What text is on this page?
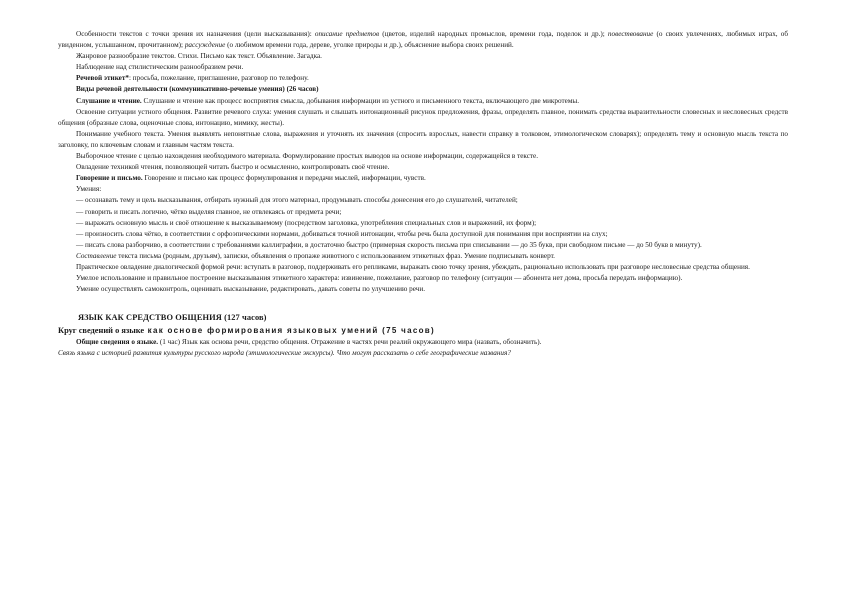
Особенности текстов с точки зрения их назначения (цели высказывания): описание предметов (цветов, изделий народных промыслов, времени года, поделок и др.); повествование (о своих увлечениях, любимых играх, об увиденном, услышанном, прочитанном); рассуждение (о любимом времени года, дереве, уголке природы и др.), объяснение выбора своих решений.

Жанровое разнообразие текстов. Стихи. Письмо как текст. Объявление. Загадка.

Наблюдение над стилистическим разнообразием речи.

Речевой этикет*: просьба, пожелание, приглашение, разговор по телефону.

Виды речевой деятельности (коммуникативно-речевые умения) (26 часов)

Слушание и чтение. Слушание и чтение как процесс восприятия смысла, добывания информации из устного и письменного текста, включающего две микротемы.

Освоение ситуации устного общения. Развитие речевого слуха: умения слушать и слышать интонационный рисунок предложения, фразы, определять главное, понимать средства выразительности словесных и несловесных средств общения (образные слова, оценочные слова, интонацию, мимику, жесты).

Понимание учебного текста. Умения выявлять непонятные слова, выражения и уточнять их значения (спросить взрослых, навести справку в толковом, этимологическом словарях); определять тему и основную мысль текста по заголовку, по ключевым словам и главным частям текста.

Выборочное чтение с целью нахождения необходимого материала. Формулирование простых выводов на основе информации, содержащейся в тексте.

Овладение техникой чтения, позволяющей читать быстро и осмысленно, контролировать своё чтение.

Говорение и письмо. Говорение и письмо как процесс формулирования и передачи мыслей, информации, чувств.

Умения:

— осознавать тему и цель высказывания, отбирать нужный для этого материал, продумывать способы донесения его до слушателей, читателей;

— говорить и писать логично, чётко выделяя главное, не отвлекаясь от предмета речи;

— выражать основную мысль и своё отношение к высказываемому (посредством заголовка, употребления специальных слов и выражений, их форм);

— произносить слова чётко, в соответствии с орфоэпическими нормами, добиваться точной интонации, чтобы речь была доступной для понимания при восприятии на слух;

— писать слова разборчиво, в соответствии с требованиями каллиграфии, в достаточно быстро (примерная скорость письма при списывании — до 35 букв, при свободном письме — до 50 букв в минуту).

Составление текста письма (родным, друзьям), записки, объявления о пропаже животного с использованием этикетных фраз. Умение подписывать конверт.

Практическое овладение диалогической формой речи: вступать в разговор, поддерживать его репликами, выражать свою точку зрения, убеждать, рационально использовать при разговоре несловесные средства общения.

Умелое использование и правильное построение высказывания этикетного характера: извинение, пожелание, разговор по телефону (ситуации — абонента нет дома, просьба передать информацию).

Умение осуществлять самоконтроль, оценивать высказывание, редактировать, давать советы по улучшению речи.

ЯЗЫК КАК СРЕДСТВО ОБЩЕНИЯ (127 часов)

Круг сведений о языке как основе формирования языковых умений (75 часов)

Общие сведения о языке. (1 час) Язык как основа речи, средство общения. Отражение в частях речи реалий окружающего мира (назвать, обозначить).

Связь языка с историей развития культуры русского народа (этимологические экскурсы). Что могут рассказать о себе географические названия?
